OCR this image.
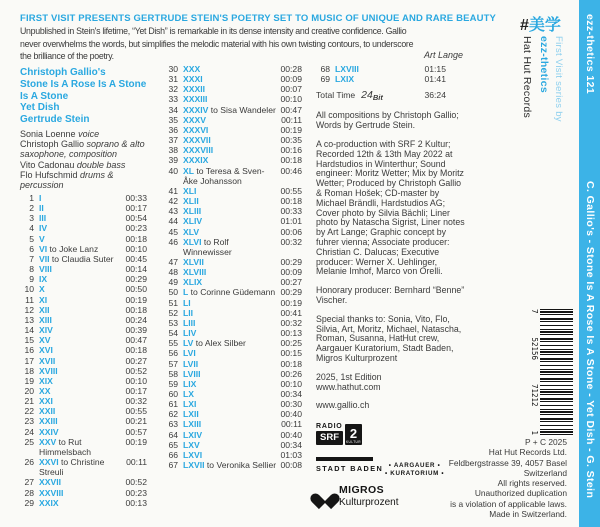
FIRST VISIT PRESENTS GERTRUDE STEIN'S POETRY SET TO MUSIC OF UNIQUE AND RARE BEAUTY
Unpublished in Stein's lifetime, “Yet Dish” is remarkable in its dense intensity and creative confidence. Gallio
never overwhelms the words, but simplifies the melodic material with his own twisting contours, to underscore
the brilliance of the poetry.	Art Lange
Christoph Gallio's
Stone Is A Rose Is A Stone
Is A Stone
Yet Dish
Gertrude Stein
Sonia Loenne voice
Christoph Gallio soprano & alto saxophone, composition
Vito Cadonau double bass
Flo Hufschmid drums & percussion
1 I	00:33
2 II	00:17
3 III	00:54
4 IV	00:23
5 V	00:18
6 VI to Joke Lanz	00:10
7 VII to Claudia Suter	00:45
8 VIII	00:14
9 IX	00:29
10 X	00:50
11 XI	00:19
12 XII	00:18
13 XIII	00:24
14 XIV	00:39
15 XV	00:47
16 XVI	00:18
17 XVII	00:27
18 XVIII	00:52
19 XIX	00:10
20 XX	00:17
21 XXI	00:32
22 XXII	00:55
23 XXIII	00:21
24 XXIV	00:57
25 XXV to Rut Himmelsbach
00:19
26 XXVI to Christine Streuli
00:11
27 XXVII	00:52
28 XXVIII	00:23
29 XXIX	00:13
30 XXX	00:28
31 XXXI	00:09
32 XXXII	00:07
33 XXXIII	00:10
34 XXXIV to Sisa Wandeler 00:47
35 XXXV	00:11
36 XXXVI	00:19
37 XXXVII	00:35
38 XXXVIII	00:16
39 XXXIX	00:18
40 XL to Teresa & Sven-Åke Johansson
00:46
41 XLI	00:55
42 XLII	00:18
43 XLIII	00:33
44 XLIV	01:01
45 XLV	00:06
46 XLVI to Rolf Winnewisser
00:32
47 XLVII	00:29
48 XLVIII	00:09
49 XLIX	00:27
50 L to Corinne Güdemann 00:29
51 LI	00:19
52 LII	00:41
53 LIII	00:32
54 LIV	00:13
55 LV to Alex Silber	00:25
56 LVI	00:15
57 LVII	00:18
58 LVIII	00:26
59 LIX	00:10
60 LX	00:34
61 LXI	00:30
62 LXII	00:40
63 LXIII	00:11
64 LXIV	00:40
65 LXV	00:34
66 LXVI	01:03
67 LXVII to Veronika Sellier 00:08
68 LXVIII	01:15
69 LXIX	01:41
Total Time 24Bit	36:24
All compositions by Christoph Gallio; Words by Gertrude Stein.
A co-production with SRF 2 Kultur; Recorded 12th & 13th May 2022 at Hardstudios in Winterthur; Sound engineer: Moritz Wetter; Mix by Moritz Wetter; Produced by Christoph Gallio & Roman Hošek; CD-master by Michael Brändli, Hardstudios AG; Cover photo by Silvia Bächli; Liner photo by Natascha Sigrist, Liner notes by Art Lange; Graphic concept by fuhrer vienna; Associate producer: Christian C. Dalucas; Executive producer: Werner X. Uehlinger, Melanie Imhof, Marco von Orelli.
Honorary producer: Bernhard “Benne” Vischer.
Special thanks to: Sonia, Vito, Flo, Silvia, Art, Moritz, Michael, Natascha, Roman, Susanna, HatHut crew, Aargauer Kuratorium, Stadt Baden, Migros Kulturprozent
2025, 1st Edition
www.hathut.com
www.gallio.ch
RADIO
SRF 2
KULTUR
STADT BADEN	• AARGAUER •
• KURATORIUM •
MIGROS
Kulturprozent
P + C 2025
Hat Hut Records Ltd.
Feldbergstrasse 39, 4057 Basel
Switzerland
All rights reserved.
Unauthorized duplication
is a violation of applicable laws.
Made in Switzerland.
#美学
First Visit series by
ezz-thetics
Hat Hut Records	ezz-thetics 121
C. Gallio's - Stone Is A Rose Is A Stone - Yet Dish - G. Stein
7
52156
71212
1
